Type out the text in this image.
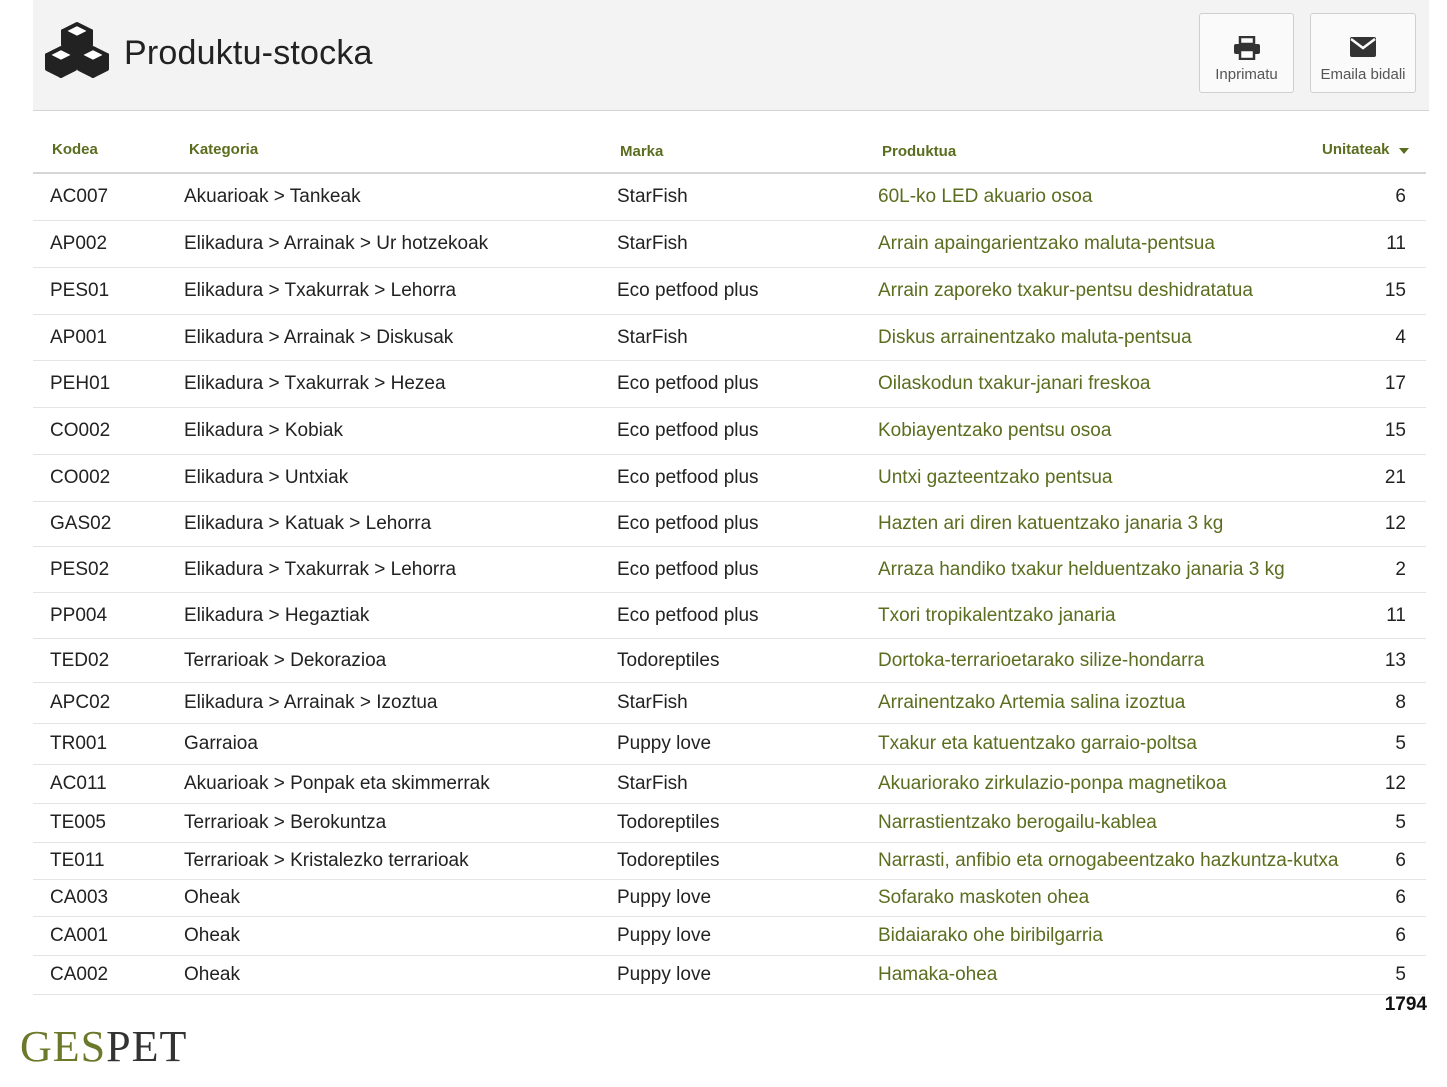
Produktu-stocka
Inprimatu	Emaila bidali
Kodea	Kategoria	Marka	Produktua	Unitateak
AC007	Akuarioak > Tankeak	StarFish	60L-ko LED akuario osoa	6
AP002	Elikadura > Arrainak > Ur hotzekoak	StarFish	Arrain apaingarientzako maluta-pentsua	11
PES01	Elikadura > Txakurrak > Lehorra	Eco petfood plus	Arrain zaporeko txakur-pentsu deshidratatua	15
AP001	Elikadura > Arrainak > Diskusak	StarFish	Diskus arrainentzako maluta-pentsua	4
PEH01	Elikadura > Txakurrak > Hezea	Eco petfood plus	Oilaskodun txakur-janari freskoa	17
CO002	Elikadura > Kobiak	Eco petfood plus	Kobiayentzako pentsu osoa	15
CO002	Elikadura > Untxiak	Eco petfood plus	Untxi gazteentzako pentsua	21
GAS02	Elikadura > Katuak > Lehorra	Eco petfood plus	Hazten ari diren katuentzako janaria 3 kg	12
PES02	Elikadura > Txakurrak > Lehorra	Eco petfood plus	Arraza handiko txakur helduentzako janaria 3 kg	2
PP004	Elikadura > Hegaztiak	Eco petfood plus	Txori tropikalentzako janaria	11
TED02	Terrarioak > Dekorazioa	Todoreptiles	Dortoka-terrarioetarako silize-hondarra	13
APC02	Elikadura > Arrainak > Izoztua	StarFish	Arrainentzako Artemia salina izoztua	8
TR001	Garraioa	Puppy love	Txakur eta katuentzako garraio-poltsa	5
AC011	Akuarioak > Ponpak eta skimmerrak	StarFish	Akuariorako zirkulazio-ponpa magnetikoa	12
TE005	Terrarioak > Berokuntza	Todoreptiles	Narrastientzako berogailu-kablea	5
TE011	Terrarioak > Kristalezko terrarioak	Todoreptiles	Narrasti, anfibio eta ornogabeentzako hazkuntza-kutxa	6
CA003	Oheak	Puppy love	Sofarako maskoten ohea	6
CA001	Oheak	Puppy love	Bidaiarako ohe biribilgarria	6
CA002	Oheak	Puppy love	Hamaka-ohea	5
1794
GESPET
